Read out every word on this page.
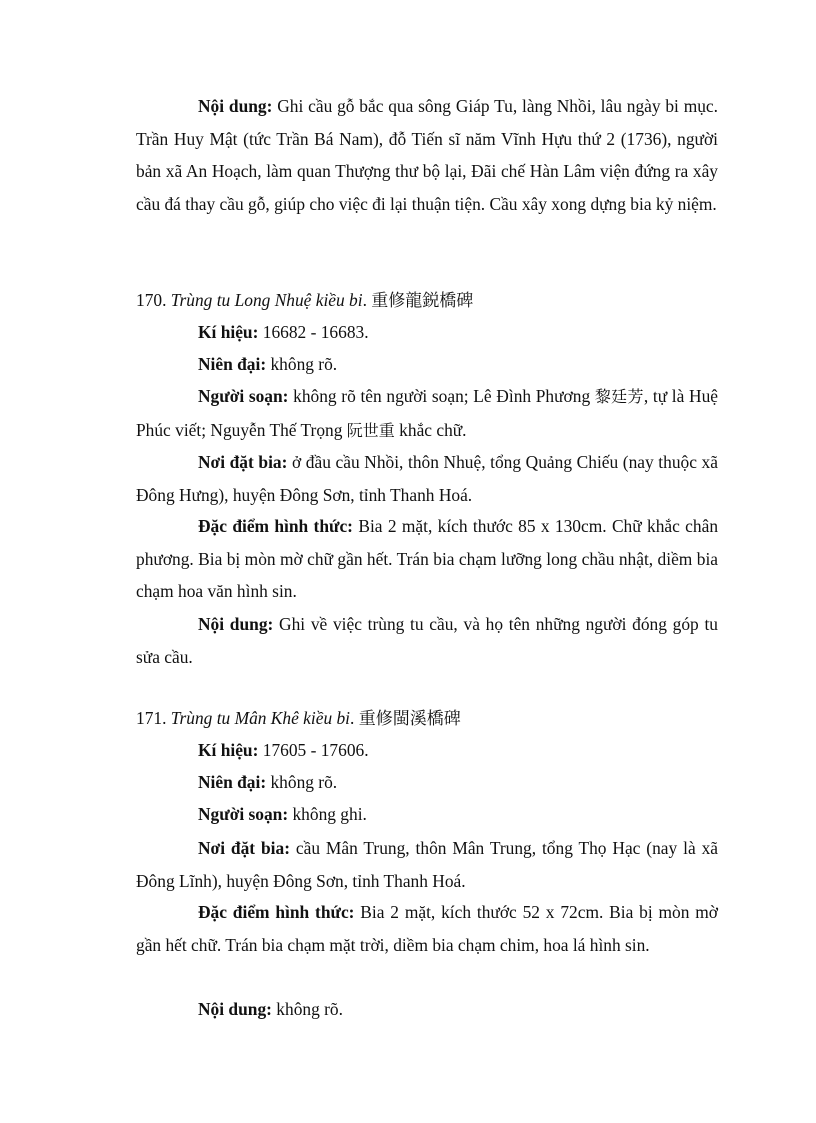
Nội dung: Ghi cầu gỗ bắc qua sông Giáp Tu, làng Nhồi, lâu ngày bi mục. Trần Huy Mật (tức Trần Bá Nam), đỗ Tiến sĩ năm Vĩnh Hựu thứ 2 (1736), người bản xã An Hoạch, làm quan Thượng thư bộ lại, Đãi chế Hàn Lâm viện đứng ra xây cầu đá thay cầu gỗ, giúp cho việc đi lại thuận tiện. Cầu xây xong dựng bia kỷ niệm.

170. Trùng tu Long Nhuệ kiều bi. 重修龍鋭橋碑

Kí hiệu: 16682 - 16683.

Niên đại: không rõ.

Người soạn: không rõ tên người soạn; Lê Đình Phương 黎廷芳, tự là Huệ Phúc viết; Nguyễn Thế Trọng 阮世重 khắc chữ.

Nơi đặt bia: ở đầu cầu Nhồi, thôn Nhuệ, tổng Quảng Chiếu (nay thuộc xã Đông Hưng), huyện Đông Sơn, tỉnh Thanh Hoá.

Đặc điểm hình thức: Bia 2 mặt, kích thước 85 x 130cm. Chữ khắc chân phương. Bia bị mòn mờ chữ gần hết. Trán bia chạm lưỡng long chầu nhật, diềm bia chạm hoa văn hình sin.

Nội dung: Ghi về việc trùng tu cầu, và họ tên những người đóng góp tu sửa cầu.

171. Trùng tu Mân Khê kiều bi. 重修閩溪橋碑

Kí hiệu: 17605 - 17606.

Niên đại: không rõ.

Người soạn: không ghi.

Nơi đặt bia: cầu Mân Trung, thôn Mân Trung, tổng Thọ Hạc (nay là xã Đông Lĩnh), huyện Đông Sơn, tỉnh Thanh Hoá.

Đặc điểm hình thức: Bia 2 mặt, kích thước 52 x 72cm. Bia bị mòn mờ gần hết chữ. Trán bia chạm mặt trời, diềm bia chạm chim, hoa lá hình sin.

Nội dung: không rõ.
